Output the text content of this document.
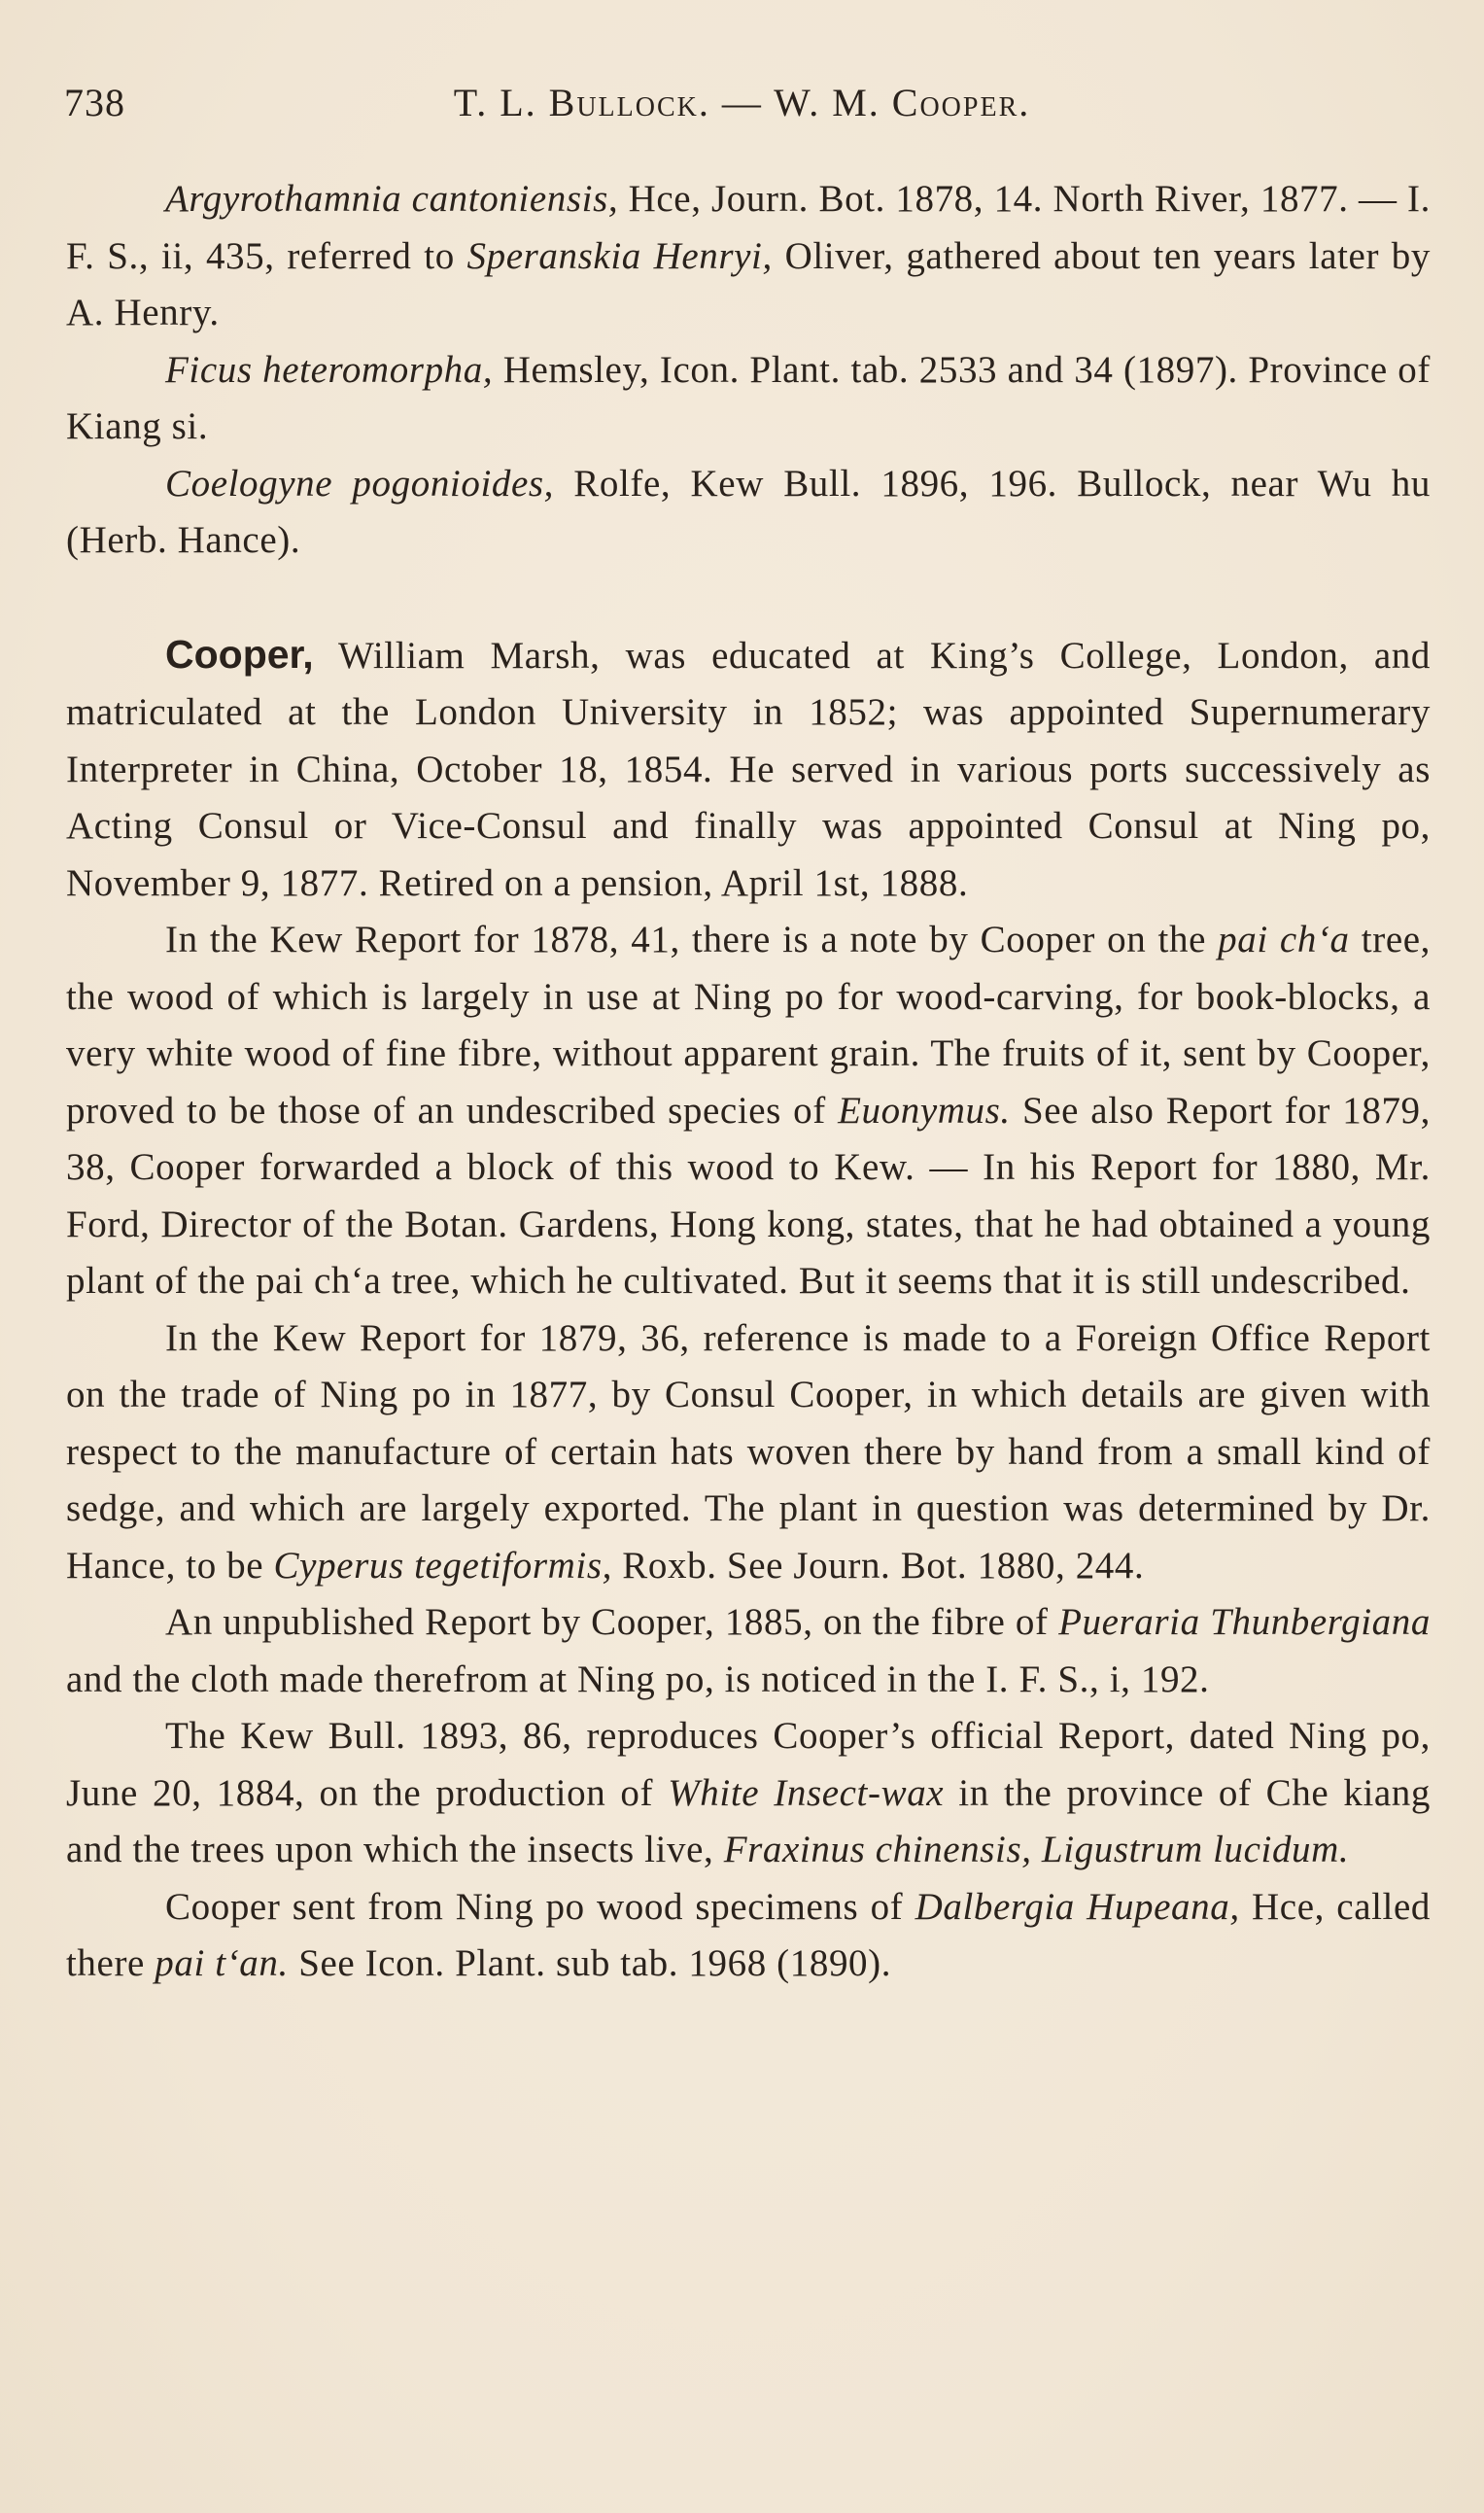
738	T. L. Bullock. — W. M. Cooper.

Argyrothamnia cantoniensis, Hce, Journ. Bot. 1878, 14. North River, 1877. — I. F. S., ii, 435, referred to Speranskia Henryi, Oliver, gathered about ten years later by A. Henry.

Ficus heteromorpha, Hemsley, Icon. Plant. tab. 2533 and 34 (1897). Province of Kiang si.

Coelogyne pogonioides, Rolfe, Kew Bull. 1896, 196. Bullock, near Wu hu (Herb. Hance).

Cooper, William Marsh, was educated at King’s College, London, and matriculated at the London University in 1852; was appointed Supernumerary Interpreter in China, October 18, 1854. He served in various ports successively as Acting Consul or Vice-Consul and finally was appointed Consul at Ning po, November 9, 1877. Retired on a pension, April 1st, 1888.

In the Kew Report for 1878, 41, there is a note by Cooper on the pai ch‘a tree, the wood of which is largely in use at Ning po for wood-carving, for book-blocks, a very white wood of fine fibre, without apparent grain. The fruits of it, sent by Cooper, proved to be those of an undescribed species of Euonymus. See also Report for 1879, 38, Cooper forwarded a block of this wood to Kew. — In his Report for 1880, Mr. Ford, Director of the Botan. Gardens, Hong kong, states, that he had obtained a young plant of the pai ch‘a tree, which he cultivated. But it seems that it is still undescribed.

In the Kew Report for 1879, 36, reference is made to a Foreign Office Report on the trade of Ning po in 1877, by Consul Cooper, in which details are given with respect to the manufacture of certain hats woven there by hand from a small kind of sedge, and which are largely exported. The plant in question was determined by Dr. Hance, to be Cyperus tegetiformis, Roxb. See Journ. Bot. 1880, 244.

An unpublished Report by Cooper, 1885, on the fibre of Pueraria Thunbergiana and the cloth made therefrom at Ning po, is noticed in the I. F. S., i, 192.

The Kew Bull. 1893, 86, reproduces Cooper’s official Report, dated Ning po, June 20, 1884, on the production of White Insect-wax in the province of Che kiang and the trees upon which the insects live, Fraxinus chinensis, Ligustrum lucidum.

Cooper sent from Ning po wood specimens of Dalbergia Hupeana, Hce, called there pai t‘an. See Icon. Plant. sub tab. 1968 (1890).
